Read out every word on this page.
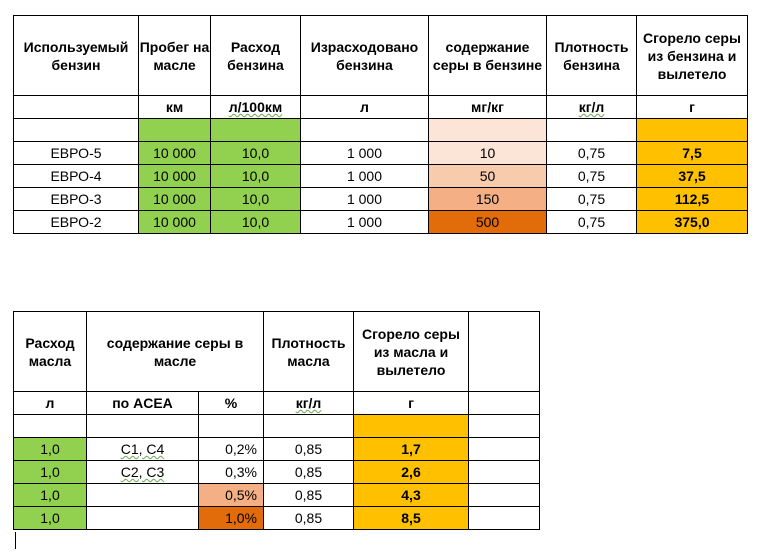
Используемый бензин	Пробег на масле	Расход бензина	Израсходовано бензина	содержание серы в бензине	Плотность бензина	Сгорело серы из бензина и вылетело
	км	л/100км	л	мг/кг	кг/л	г

ЕВРО-5	10 000	10,0	1 000	10	0,75	7,5
ЕВРО-4	10 000	10,0	1 000	50	0,75	37,5
ЕВРО-3	10 000	10,0	1 000	150	0,75	112,5
ЕВРО-2	10 000	10,0	1 000	500	0,75	375,0
Расход масла	содержание серы в масле		Плотность масла	Сгорело серы из масла и вылетело	
л	по ACEA	%	кг/л	г	

1,0	C1, C4	0,2%	0,85	1,7	
1,0	C2, C3	0,3%	0,85	2,6	
1,0		0,5%	0,85	4,3	
1,0		1,0%	0,85	8,5	
